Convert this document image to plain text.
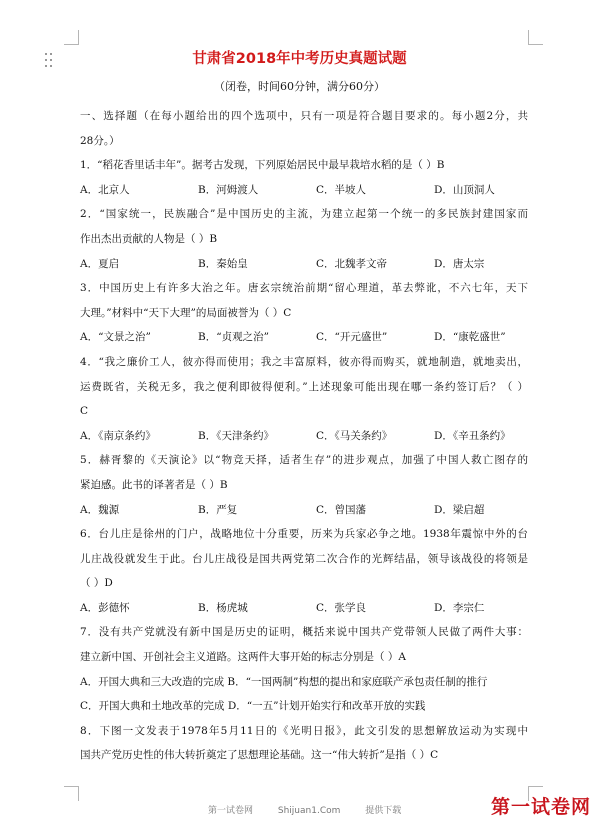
甘肃省2018年中考历史真题试题
（闭卷，时间60分钟，满分60分）
一、选择题（在每小题给出的四个选项中，只有一项是符合题目要求的。每小题2分，共
28分。）
1．“稻花香里话丰年”。据考古发现，下列原始居民中最早栽培水稻的是（ ）B
A．北京人	B．河姆渡人	C．半坡人	D．山顶洞人
2．“国家统一，民族融合”是中国历史的主流，为建立起第一个统一的多民族封建国家而
作出杰出贡献的人物是（ ）B
A．夏启	B．秦始皇	C．北魏孝文帝	D．唐太宗
3．中国历史上有许多大治之年。唐玄宗统治前期“留心理道，革去弊讹，不六七年，天下
大理。”材料中“天下大理”的局面被誉为（ ）C
A．“文景之治”	B．“贞观之治”	C．“开元盛世”	D．“康乾盛世”
4．“我之廉价工人，彼亦得而使用；我之丰富原料，彼亦得而购买，就地制造，就地卖出，
运费既省，关税无多，我之便利即彼得便利。”上述现象可能出现在哪一条约签订后？（ ）
C
A．《南京条约》	B．《天津条约》	C．《马关条约》	D．《辛丑条约》
5．赫胥黎的《天演论》以“物竞天择，适者生存”的进步观点，加强了中国人救亡图存的
紧迫感。此书的译著者是（ ）B
A．魏源	B．严复	C．曾国藩	D．梁启超
6．台儿庄是徐州的门户，战略地位十分重要，历来为兵家必争之地。1938年震惊中外的台
儿庄战役就发生于此。台儿庄战役是国共两党第二次合作的光辉结晶，领导该战役的将领是
（ ）D
A．彭德怀	B．杨虎城	C．张学良	D．李宗仁
7．没有共产党就没有新中国是历史的证明，概括来说中国共产党带领人民做了两件大事：
建立新中国、开创社会主义道路。这两件大事开始的标志分别是（ ）A
A．开国大典和三大改造的完成 B．“一国两制”构想的提出和家庭联产承包责任制的推行
C．开国大典和土地改革的完成 D．“一五”计划开始实行和改革开放的实践
8．下图一文发表于1978年5月11日的《光明日报》，此文引发的思想解放运动为实现中
国共产党历史性的伟大转折奠定了思想理论基础。这一“伟大转折”是指（ ）C
第一试卷网	Shijuan1.Com	提供下载	第一试卷网
